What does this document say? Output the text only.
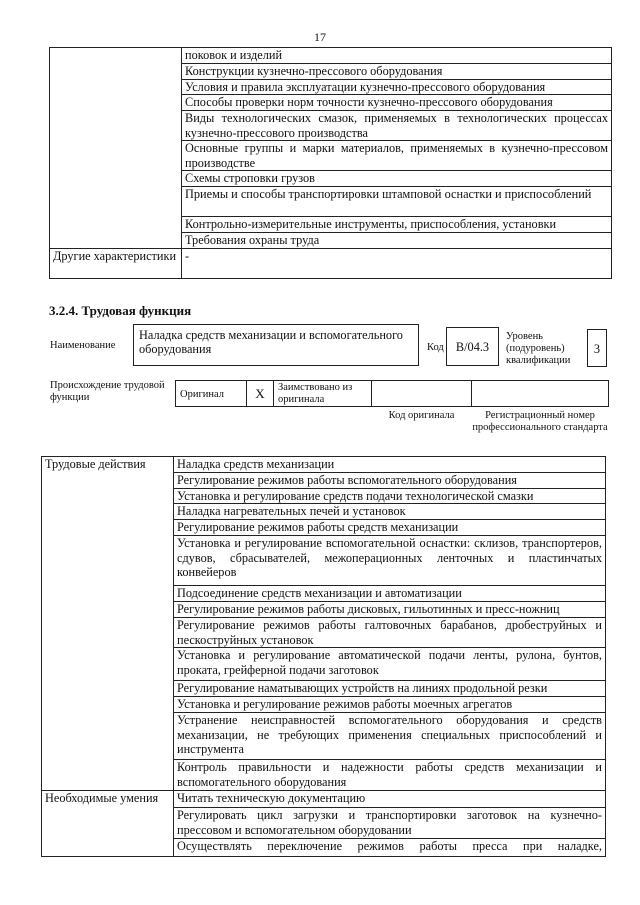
17
	поковок и изделий
	Конструкции кузнечно-прессового оборудования
	Условия и правила эксплуатации кузнечно-прессового оборудования
	Способы проверки норм точности кузнечно-прессового оборудования
	Виды технологических смазок, применяемых в технологических процессах кузнечно-прессового производства
	Основные группы и марки материалов, применяемых в кузнечно-прессовом производстве
	Схемы строповки грузов
	Приемы и способы транспортировки штамповой оснастки и приспособлений
	Контрольно-измерительные инструменты, приспособления, установки
	Требования охраны труда
Другие характеристики	-
3.2.4. Трудовая функция
Наименование
Наладка средств механизации и вспомогательного оборудования	Код В/04.3
Уровень (подуровень) квалификации
3
Происхождение трудовой функции	Оригинал	X	Заимствовано из оригинала
Код оригинала	Регистрационный номер профессионального стандарта
Трудовые действия	Наладка средств механизации
	Регулирование режимов работы вспомогательного оборудования
	Установка и регулирование средств подачи технологической смазки
	Наладка нагревательных печей и установок
	Регулирование режимов работы средств механизации
	Установка и регулирование вспомогательной оснастки: склизов, транспортеров, сдувов, сбрасывателей, межоперационных ленточных и пластинчатых конвейеров
	Подсоединение средств механизации и автоматизации
	Регулирование режимов работы дисковых, гильотинных и пресс-ножниц
	Регулирование режимов работы галтовочных барабанов, дробеструйных и пескоструйных установок
	Установка и регулирование автоматической подачи ленты, рулона, бунтов, проката, грейферной подачи заготовок
	Регулирование наматывающих устройств на линиях продольной резки
	Установка и регулирование режимов работы моечных агрегатов
	Устранение неисправностей вспомогательного оборудования и средств механизации, не требующих применения специальных приспособлений и инструмента
	Контроль правильности и надежности работы средств механизации и вспомогательного оборудования
Необходимые умения	Читать техническую документацию
	Регулировать цикл загрузки и транспортировки заготовок на кузнечно-прессовом и вспомогательном оборудовании
	Осуществлять переключение режимов работы пресса при наладке,
